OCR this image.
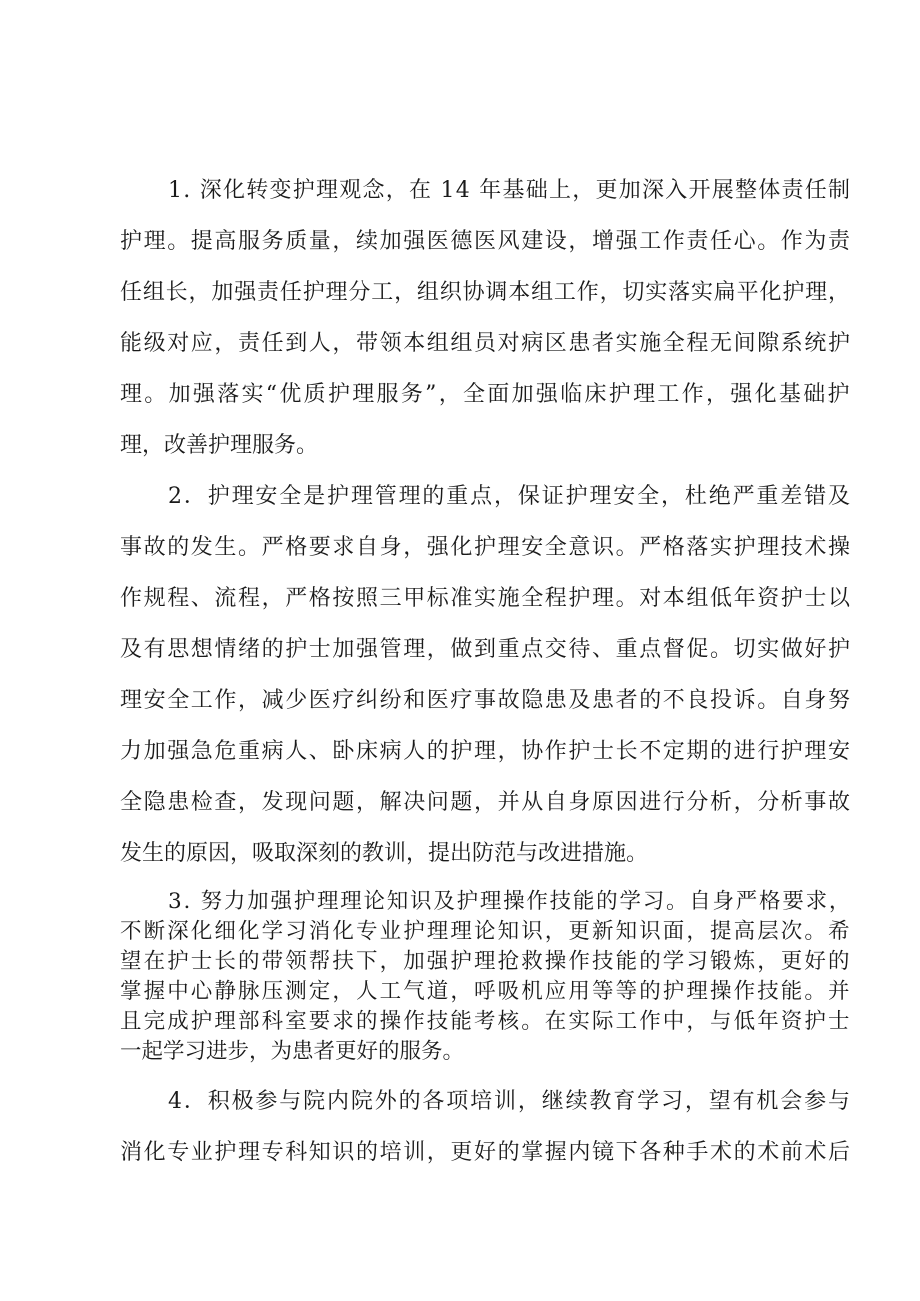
1. 深化转变护理观念，在 14 年基础上，更加深入开展整体责任制
护理。提高服务质量，续加强医德医风建设，增强工作责任心。作为责
任组长，加强责任护理分工，组织协调本组工作，切实落实扁平化护理，
能级对应，责任到人，带领本组组员对病区患者实施全程无间隙系统护
理。加强落实“优质护理服务”，全面加强临床护理工作，强化基础护
理，改善护理服务。
2．护理安全是护理管理的重点，保证护理安全，杜绝严重差错及
事故的发生。严格要求自身，强化护理安全意识。严格落实护理技术操
作规程、流程，严格按照三甲标准实施全程护理。对本组低年资护士以
及有思想情绪的护士加强管理，做到重点交待、重点督促。切实做好护
理安全工作，减少医疗纠纷和医疗事故隐患及患者的不良投诉。自身努
力加强急危重病人、卧床病人的护理，协作护士长不定期的进行护理安
全隐患检查，发现问题，解决问题，并从自身原因进行分析，分析事故
发生的原因，吸取深刻的教训，提出防范与改进措施。
3. 努力加强护理理论知识及护理操作技能的学习。自身严格要求，
不断深化细化学习消化专业护理理论知识，更新知识面，提高层次。希
望在护士长的带领帮扶下，加强护理抢救操作技能的学习锻炼，更好的
掌握中心静脉压测定，人工气道，呼吸机应用等等的护理操作技能。并
且完成护理部科室要求的操作技能考核。在实际工作中，与低年资护士
一起学习进步，为患者更好的服务。
4．积极参与院内院外的各项培训，继续教育学习，望有机会参与
消化专业护理专科知识的培训，更好的掌握内镜下各种手术的术前术后
